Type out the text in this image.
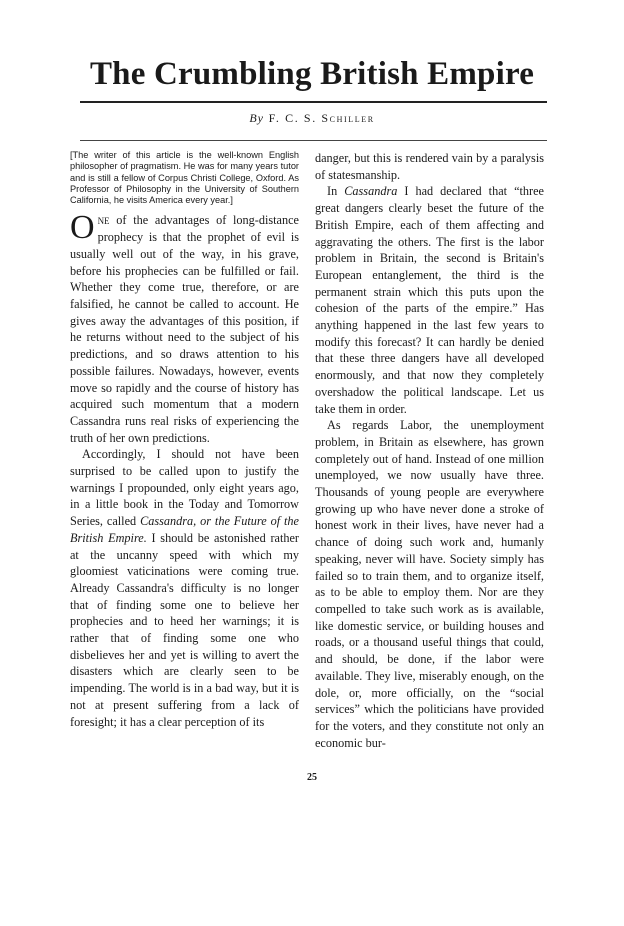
The Crumbling British Empire

By F. C. S. Schiller

[The writer of this article is the well-known English philosopher of pragmatism. He was for many years tutor and is still a fellow of Corpus Christi College, Oxford. As Professor of Philosophy in the University of Southern California, he visits America every year.]

One of the advantages of long-distance prophecy is that the prophet of evil is usually well out of the way, in his grave, before his prophecies can be fulfilled or fail. Whether they come true, therefore, or are falsified, he cannot be called to account. He gives away the advantages of this position, if he returns without need to the subject of his predictions, and so draws attention to his possible failures. Nowadays, however, events move so rapidly and the course of history has acquired such momentum that a modern Cassandra runs real risks of experiencing the truth of her own predictions.

Accordingly, I should not have been surprised to be called upon to justify the warnings I propounded, only eight years ago, in a little book in the Today and Tomorrow Series, called Cassandra, or the Future of the British Empire. I should be astonished rather at the uncanny speed with which my gloomiest vaticinations were coming true. Already Cassandra's difficulty is no longer that of finding some one to believe her prophecies and to heed her warnings; it is rather that of finding some one who disbelieves her and yet is willing to avert the disasters which are clearly seen to be impending. The world is in a bad way, but it is not at present suffering from a lack of foresight; it has a clear perception of its

danger, but this is rendered vain by a paralysis of statesmanship.

In Cassandra I had declared that “three great dangers clearly beset the future of the British Empire, each of them affecting and aggravating the others. The first is the labor problem in Britain, the second is Britain's European entanglement, the third is the permanent strain which this puts upon the cohesion of the parts of the empire.” Has anything happened in the last few years to modify this forecast? It can hardly be denied that these three dangers have all developed enormously, and that now they completely overshadow the political landscape. Let us take them in order.

As regards Labor, the unemployment problem, in Britain as elsewhere, has grown completely out of hand. Instead of one million unemployed, we now usually have three. Thousands of young people are everywhere growing up who have never done a stroke of honest work in their lives, have never had a chance of doing such work and, humanly speaking, never will have. Society simply has failed so to train them, and to organize itself, as to be able to employ them. Nor are they compelled to take such work as is available, like domestic service, or building houses and roads, or a thousand useful things that could, and should, be done, if the labor were available. They live, miserably enough, on the dole, or, more officially, on the “social services” which the politicians have provided for the voters, and they constitute not only an economic bur-

25
